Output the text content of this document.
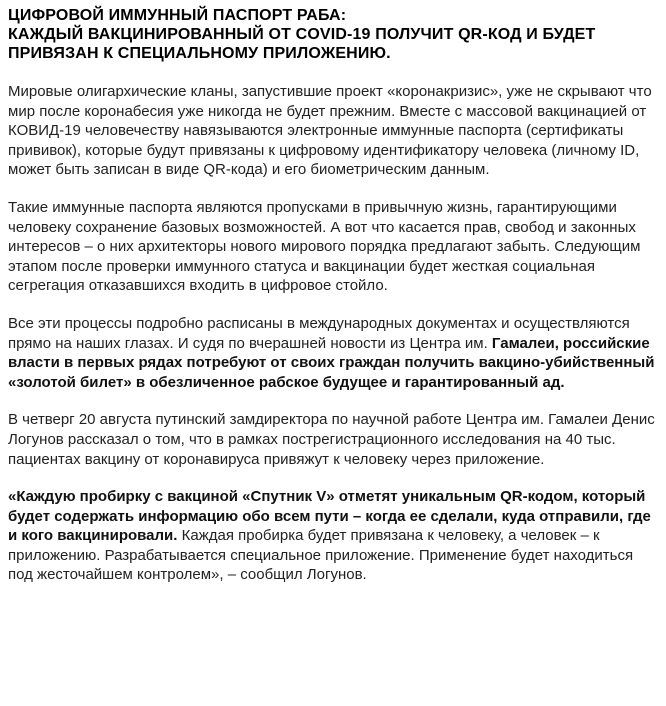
ЦИФРОВОЙ ИММУННЫЙ ПАСПОРТ РАБА:
КАЖДЫЙ ВАКЦИНИРОВАННЫЙ ОТ COVID-19 ПОЛУЧИТ QR-КОД И БУДЕТ ПРИВЯЗАН К СПЕЦИАЛЬНОМУ ПРИЛОЖЕНИЮ.

Мировые олигархические кланы, запустившие проект «коронакризис», уже не скрывают что мир после коронабесия уже никогда не будет прежним. Вместе с массовой вакцинацией от КОВИД-19 человечеству навязываются электронные иммунные паспорта (сертификаты прививок), которые будут привязаны к цифровому идентификатору человека (личному ID, может быть записан в виде QR-кода) и его биометрическим данным.

Такие иммунные паспорта являются пропусками в привычную жизнь, гарантирующими человеку сохранение базовых возможностей. А вот что касается прав, свобод и законных интересов – о них архитекторы нового мирового порядка предлагают забыть. Следующим этапом после проверки иммунного статуса и вакцинации будет жесткая социальная сегрегация отказавшихся входить в цифровое стойло.

Все эти процессы подробно расписаны в международных документах и осуществляются прямо на наших глазах. И судя по вчерашней новости из Центра им. Гамалеи, российские власти в первых рядах потребуют от своих граждан получить вакцино-убийственный «золотой билет» в обезличенное рабское будущее и гарантированный ад.

В четверг 20 августа путинский замдиректора по научной работе Центра им. Гамалеи Денис Логунов рассказал о том, что в рамках пострегистрационного исследования на 40 тыс. пациентах вакцину от коронавируса привяжут к человеку через приложение.

«Каждую пробирку с вакциной «Спутник V» отметят уникальным QR-кодом, который будет содержать информацию обо всем пути – когда ее сделали, куда отправили, где и кого вакцинировали. Каждая пробирка будет привязана к человеку, а человек – к приложению. Разрабатывается специальное приложение. Применение будет находиться под жесточайшем контролем», – сообщил Логунов.
